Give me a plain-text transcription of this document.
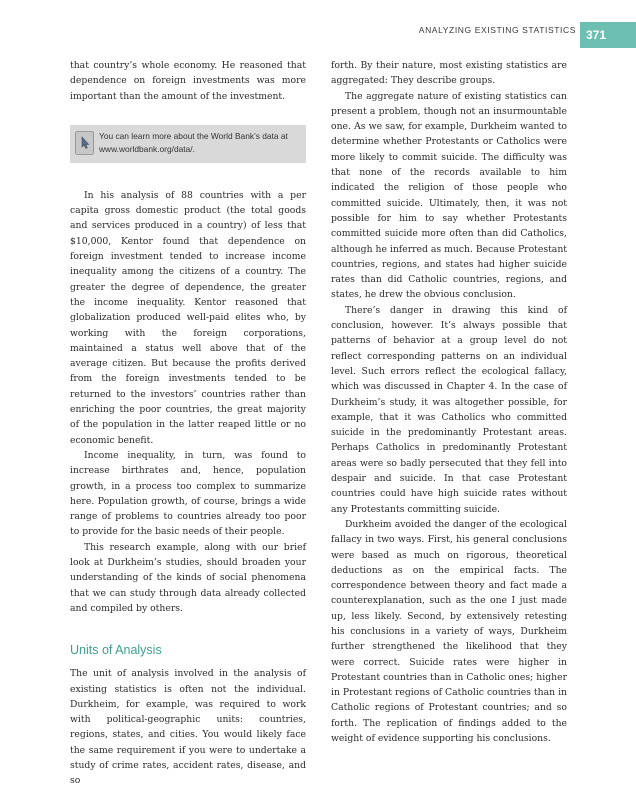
ANALYZING EXISTING STATISTICS 371

that country’s whole economy. He reasoned that dependence on foreign investments was more important than the amount of the investment.

You can learn more about the World Bank’s data at www.worldbank.org/data/.

In his analysis of 88 countries with a per capita gross domestic product (the total goods and services produced in a country) of less that $10,000, Kentor found that dependence on foreign investment tended to increase income inequality among the citizens of a country. The greater the degree of dependence, the greater the income inequality. Kentor reasoned that globalization produced well-paid elites who, by working with the foreign corporations, maintained a status well above that of the average citizen. But because the profits derived from the foreign investments tended to be returned to the investors’ countries rather than enriching the poor countries, the great majority of the population in the latter reaped little or no economic benefit.

Income inequality, in turn, was found to increase birthrates and, hence, population growth, in a process too complex to summarize here. Population growth, of course, brings a wide range of problems to countries already too poor to provide for the basic needs of their people.

This research example, along with our brief look at Durkheim’s studies, should broaden your understanding of the kinds of social phenomena that we can study through data already collected and compiled by others.

Units of Analysis

The unit of analysis involved in the analysis of existing statistics is often not the individual. Durkheim, for example, was required to work with political-geographic units: countries, regions, states, and cities. You would likely face the same requirement if you were to undertake a study of crime rates, accident rates, disease, and so

forth. By their nature, most existing statistics are aggregated: They describe groups.

The aggregate nature of existing statistics can present a problem, though not an insurmountable one. As we saw, for example, Durkheim wanted to determine whether Protestants or Catholics were more likely to commit suicide. The difficulty was that none of the records available to him indicated the religion of those people who committed suicide. Ultimately, then, it was not possible for him to say whether Protestants committed suicide more often than did Catholics, although he inferred as much. Because Protestant countries, regions, and states had higher suicide rates than did Catholic countries, regions, and states, he drew the obvious conclusion.

There’s danger in drawing this kind of conclusion, however. It’s always possible that patterns of behavior at a group level do not reflect corresponding patterns on an individual level. Such errors reflect the ecological fallacy, which was discussed in Chapter 4. In the case of Durkheim’s study, it was altogether possible, for example, that it was Catholics who committed suicide in the predominantly Protestant areas. Perhaps Catholics in predominantly Protestant areas were so badly persecuted that they fell into despair and suicide. In that case Protestant countries could have high suicide rates without any Protestants committing suicide.

Durkheim avoided the danger of the ecological fallacy in two ways. First, his general conclusions were based as much on rigorous, theoretical deductions as on the empirical facts. The correspondence between theory and fact made a counterexplanation, such as the one I just made up, less likely. Second, by extensively retesting his conclusions in a variety of ways, Durkheim further strengthened the likelihood that they were correct. Suicide rates were higher in Protestant countries than in Catholic ones; higher in Protestant regions of Catholic countries than in Catholic regions of Protestant countries; and so forth. The replication of findings added to the weight of evidence supporting his conclusions.
